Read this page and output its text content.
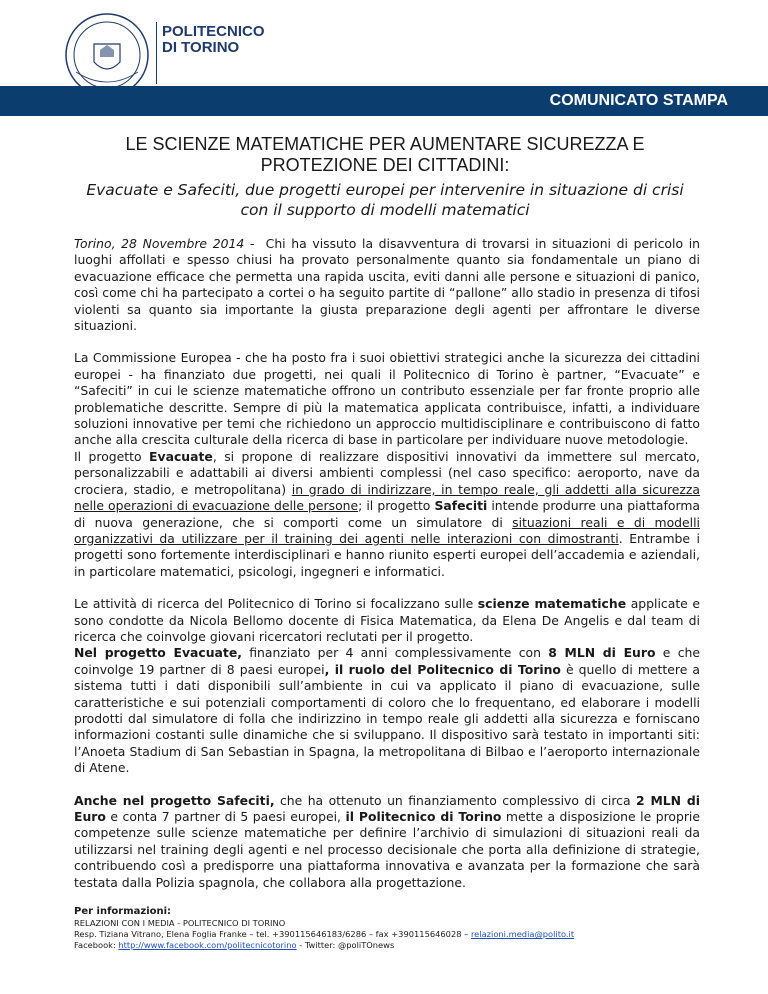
POLITECNICO
DI TORINO
COMUNICATO STAMPA
LE SCIENZE MATEMATICHE PER AUMENTARE SICUREZZA E PROTEZIONE DEI CITTADINI:
Evacuate e Safeciti, due progetti europei per intervenire in situazione di crisi con il supporto di modelli matematici

Torino, 28 Novembre 2014 - Chi ha vissuto la disavventura di trovarsi in situazioni di pericolo in luoghi affollati e spesso chiusi ha provato personalmente quanto sia fondamentale un piano di evacuazione efficace che permetta una rapida uscita, eviti danni alle persone e situazioni di panico, così come chi ha partecipato a cortei o ha seguito partite di “pallone” allo stadio in presenza di tifosi violenti sa quanto sia importante la giusta preparazione degli agenti per affrontare le diverse situazioni.

La Commissione Europea - che ha posto fra i suoi obiettivi strategici anche la sicurezza dei cittadini europei - ha finanziato due progetti, nei quali il Politecnico di Torino è partner, “Evacuate” e “Safeciti” in cui le scienze matematiche offrono un contributo essenziale per far fronte proprio alle problematiche descritte. Sempre di più la matematica applicata contribuisce, infatti, a individuare soluzioni innovative per temi che richiedono un approccio multidisciplinare e contribuiscono di fatto anche alla crescita culturale della ricerca di base in particolare per individuare nuove metodologie.

Il progetto Evacuate, si propone di realizzare dispositivi innovativi da immettere sul mercato, personalizzabili e adattabili ai diversi ambienti complessi (nel caso specifico: aeroporto, nave da crociera, stadio, e metropolitana) in grado di indirizzare, in tempo reale, gli addetti alla sicurezza nelle operazioni di evacuazione delle persone; il progetto Safeciti intende produrre una piattaforma di nuova generazione, che si comporti come un simulatore di situazioni reali e di modelli organizzativi da utilizzare per il training dei agenti nelle interazioni con dimostranti. Entrambe i progetti sono fortemente interdisciplinari e hanno riunito esperti europei dell’accademia e aziendali, in particolare matematici, psicologi, ingegneri e informatici.

Le attività di ricerca del Politecnico di Torino si focalizzano sulle scienze matematiche applicate e sono condotte da Nicola Bellomo docente di Fisica Matematica, da Elena De Angelis e dal team di ricerca che coinvolge giovani ricercatori reclutati per il progetto.

Nel progetto Evacuate, finanziato per 4 anni complessivamente con 8 MLN di Euro e che coinvolge 19 partner di 8 paesi europei, il ruolo del Politecnico di Torino è quello di mettere a sistema tutti i dati disponibili sull’ambiente in cui va applicato il piano di evacuazione, sulle caratteristiche e sui potenziali comportamenti di coloro che lo frequentano, ed elaborare i modelli prodotti dal simulatore di folla che indirizzino in tempo reale gli addetti alla sicurezza e forniscano informazioni costanti sulle dinamiche che si sviluppano. Il dispositivo sarà testato in importanti siti: l’Anoeta Stadium di San Sebastian in Spagna, la metropolitana di Bilbao e l’aeroporto internazionale di Atene.

Anche nel progetto Safeciti, che ha ottenuto un finanziamento complessivo di circa 2 MLN di Euro e conta 7 partner di 5 paesi europei, il Politecnico di Torino mette a disposizione le proprie competenze sulle scienze matematiche per definire l’archivio di simulazioni di situazioni reali da utilizzarsi nel training degli agenti e nel processo decisionale che porta alla definizione di strategie, contribuendo così a predisporre una piattaforma innovativa e avanzata per la formazione che sarà testata dalla Polizia spagnola, che collabora alla progettazione.

Per informazioni:
RELAZIONI CON I MEDIA - POLITECNICO DI TORINO
Resp. Tiziana Vitrano, Elena Foglia Franke – tel. +390115646183/6286 – fax +390115646028 – relazioni.media@polito.it
Facebook: http://www.facebook.com/politecnicotorino - Twitter: @poliTOnews
